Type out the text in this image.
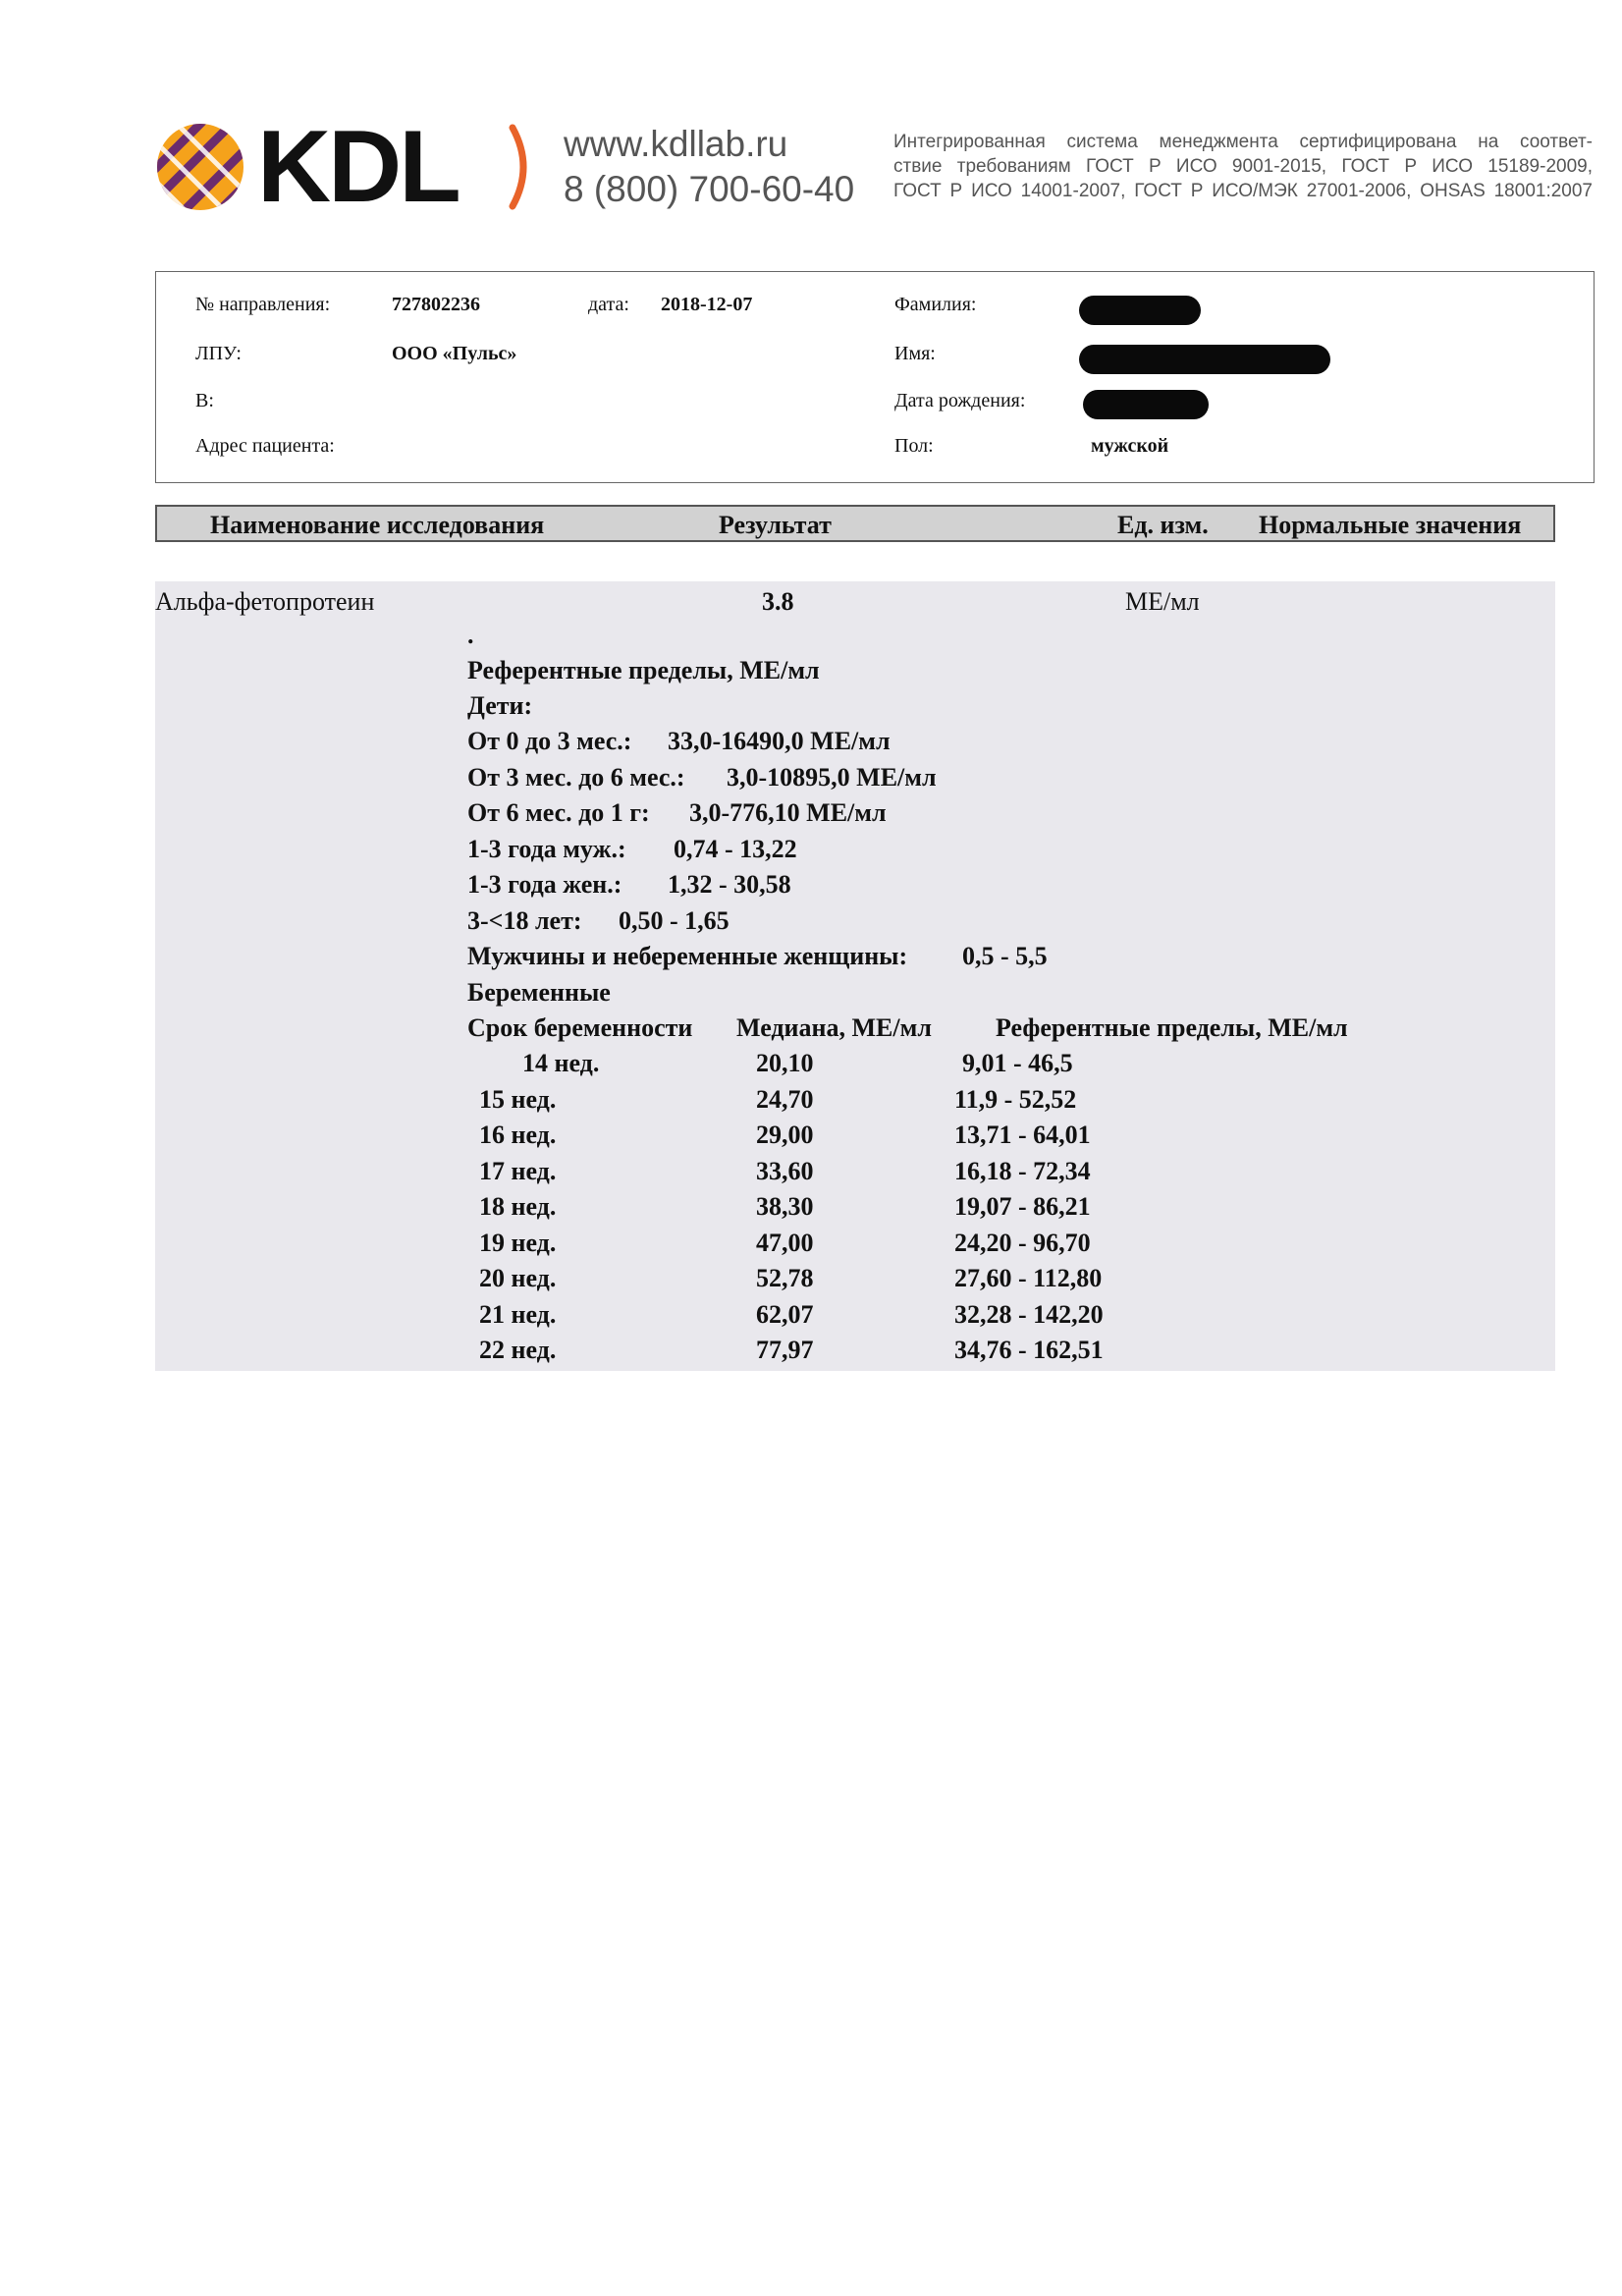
KDL	www.kdllab.ru
8 (800) 700-60-40
Интегрированная система менеджмента сертифицирована на соответ-
ствие требованиям ГОСТ Р ИСО 9001-2015, ГОСТ Р ИСО 15189-2009,
ГОСТ Р ИСО 14001-2007, ГОСТ Р ИСО/МЭК 27001-2006, OHSAS 18001:2007
№ направления:	727802236	дата: 2018-12-07
ЛПУ:	ООО «Пульс»
В:
Адрес пациента:
Фамилия:
Имя:
Дата рождения:
Пол:	мужской
Наименование исследования	Результат	Ед. изм. Нормальные значения
Альфа-фетопротеин	3.8	МЕ/мл
.
Референтные пределы, МЕ/мл
Дети:
От 0 до 3 мес.: 33,0-16490,0 МЕ/мл
От 3 мес. до 6 мес.: 3,0-10895,0 МЕ/мл
От 6 мес. до 1 г: 3,0-776,10 МЕ/мл
1-3 года муж.: 0,74 - 13,22
1-3 года жен.: 1,32 - 30,58
3-<18 лет: 0,50 - 1,65
Мужчины и небеременные женщины: 0,5 - 5,5
Беременные
Срок беременности Медиана, МЕ/мл	Референтные пределы, МЕ/мл
14 нед.	20,10	9,01 - 46,5
15 нед.	24,70	11,9 - 52,52
16 нед.	29,00	13,71 - 64,01
17 нед.	33,60	16,18 - 72,34
18 нед.	38,30	19,07 - 86,21
19 нед.	47,00	24,20 - 96,70
20 нед.	52,78	27,60 - 112,80
21 нед.	62,07	32,28 - 142,20
22 нед.	77,97	34,76 - 162,51
